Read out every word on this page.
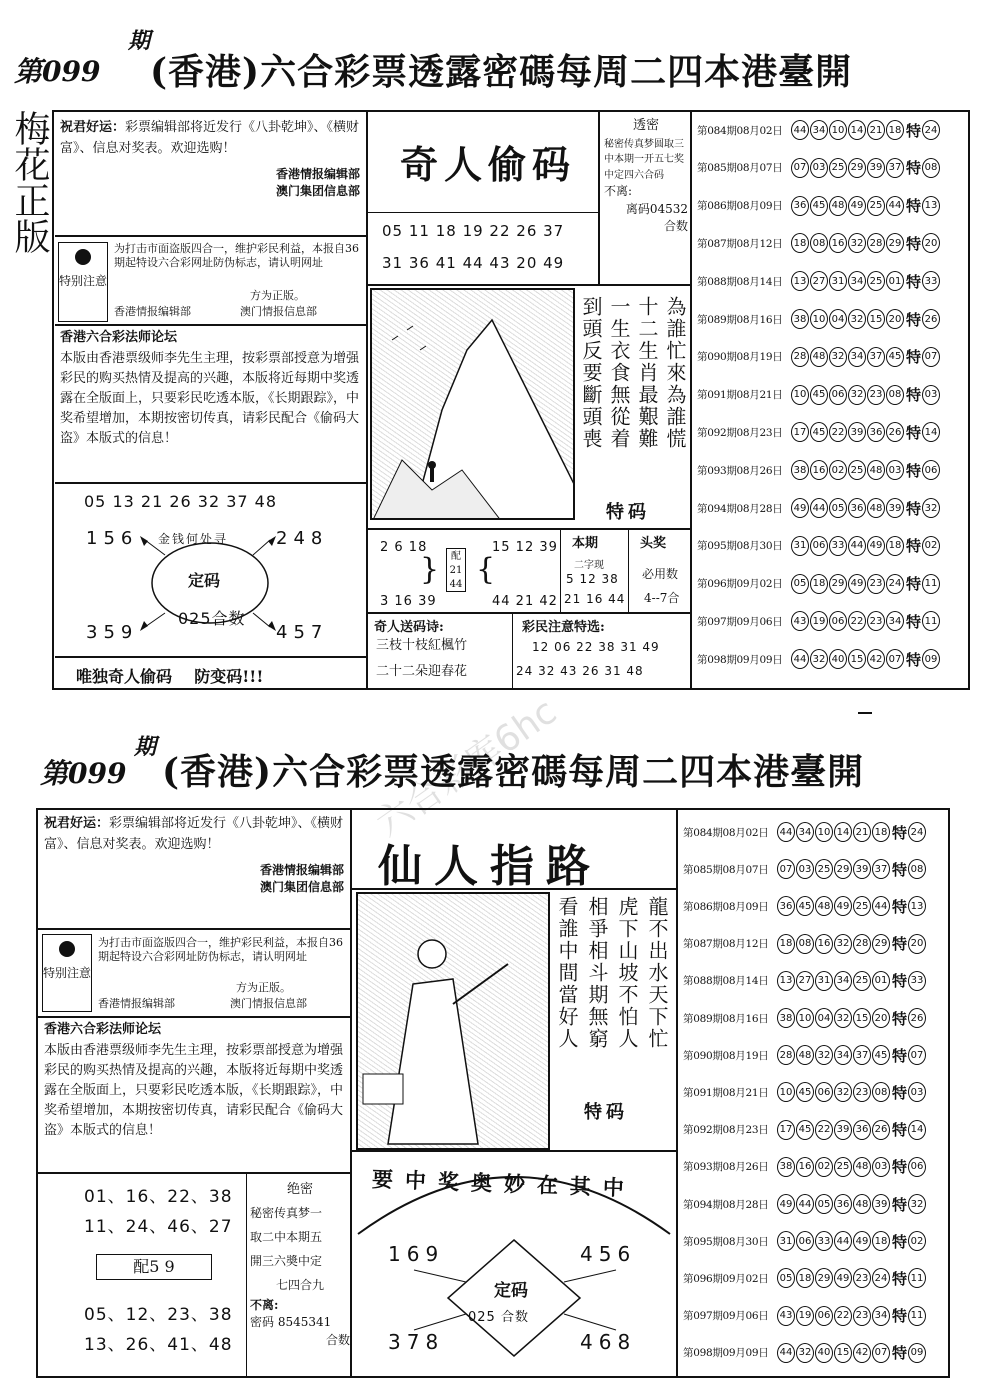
第099
期
(香港)六合彩票透露密碼每周二四本港臺開
梅花正版 祝君好运：彩票编辑部将近发行《八卦乾坤》、《横财富》、信息对奖表。欢迎选购！
香港情报编辑部
澳门集团信息部
特别注意
为打击市面盗版四合一，维护彩民利益，本报自36期起特设六合彩网址防伪标志，请认明网址
方为正版。
香港情报编辑部	澳门情报信息部
香港六合彩法师论坛
本版由香港票级师李先生主理，按彩票部授意为增强彩民的购买热情及提高的兴趣，本版将近每期中奖透露在全版面上，只要彩民吃透本版，《长期跟踪》，中奖希望增加，本期按密切传真，请彩民配合《偷码大盗》本版式的信息！
05 13 21 26 32 37 48
156	248
金钱何处寻
定码
025合数
359	457
唯独奇人偷码    防变码!!!
奇人偷码
05 11 18 19 22 26 37
31 36 41 44 43 20 49
透密
秘密传真梦圆取三中本期一开五七奖中定四六合码
不离:
离码04532
合数
為誰忙來為誰慌
十二生肖最艱難
一生衣食無從着
到頭反要斷頭喪
特码
2 6 18
}	配21 44 {
15 12 39
3 16 39	44 21 42
本期
二字现
5 12 38
21 16 44
头奖
必用数
4--7合
奇人送码诗:
三枝十枝紅楓竹
二十二朵迎春花
彩民注意特选:
12 06 22 38 31 49
24 32 43 26 31 48
第084期08月02日	44 34 10 14 21 18 特 24
第085期08月07日	07 03 25 29 39 37 特 08
第086期08月09日	36 45 48 49 25 44 特 13
第087期08月12日	18 08 16 32 28 29 特 20
第088期08月14日	13 27 31 34 25 01 特 33
第089期08月16日	38 10 04 32 15 20 特 26
第090期08月19日	28 48 32 34 37 45 特 07
第091期08月21日	10 45 06 32 23 08 特 03
第092期08月23日	17 45 22 39 36 26 特 14
第093期08月26日	38 16 02 25 48 03 特 06
第094期08月28日	49 44 05 36 48 39 特 32
第095期08月30日	31 06 33 44 49 18 特 02
第096期09月02日	05 18 29 49 23 24 特 11
第097期09月06日	43 19 06 22 23 34 特 11
第098期09月09日	44 32 40 15 42 07 特 09
第099
期
(香港)六合彩票透露密碼每周二四本港臺開
六合彩库6hc
祝君好运：彩票编辑部将近发行《八卦乾坤》、《横财富》、信息对奖表。欢迎选购！
香港情报编辑部
澳门集团信息部
特别注意
为打击市面盗版四合一，维护彩民利益，本报自36期起特设六合彩网址防伪标志，请认明网址
方为正版。
香港情报编辑部	澳门情报信息部
香港六合彩法师论坛
本版由香港票级师李先生主理，按彩票部授意为增强彩民的购买热情及提高的兴趣，本版将近每期中奖透露在全版面上，只要彩民吃透本版，《长期跟踪》，中奖希望增加，本期按密切传真，请彩民配合《偷码大盗》本版式的信息！
01、16、22、38
11、24、46、27
配5 9
05、12、23、38
13、26、41、48
绝密
秘密传真梦一
取二中本期五
開三六奬中定
七四合九
不离:
密码 8545341
合数
仙人指路
龍不出水天下忙
虎下山坡不怕人
相爭相斗期無窮
看誰中間當好人
特码
要中奖奥妙在其中
169	456
定码
025 合数
378	468
第084期08月02日	44 34 10 14 21 18 特 24
第085期08月07日	07 03 25 29 39 37 特 08
第086期08月09日	36 45 48 49 25 44 特 13
第087期08月12日	18 08 16 32 28 29 特 20
第088期08月14日	13 27 31 34 25 01 特 33
第089期08月16日	38 10 04 32 15 20 特 26
第090期08月19日	28 48 32 34 37 45 特 07
第091期08月21日	10 45 06 32 23 08 特 03
第092期08月23日	17 45 22 39 36 26 特 14
第093期08月26日	38 16 02 25 48 03 特 06
第094期08月28日	49 44 05 36 48 39 特 32
第095期08月30日	31 06 33 44 49 18 特 02
第096期09月02日	05 18 29 49 23 24 特 11
第097期09月06日	43 19 06 22 23 34 特 11
第098期09月09日	44 32 40 15 42 07 特 09
